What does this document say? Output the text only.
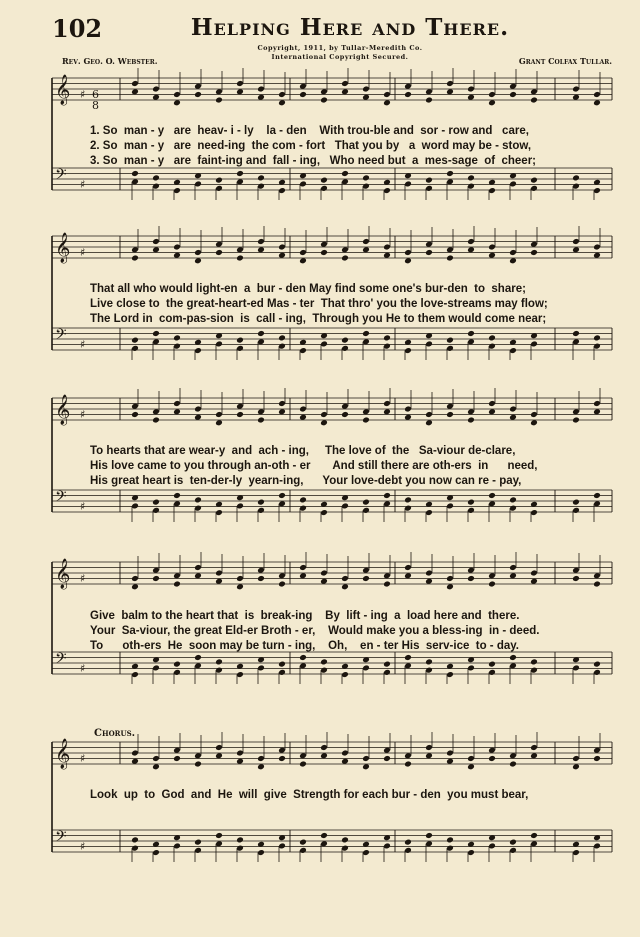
𝄞 ♯
𝄢 ♯
𝄞 ♯
𝄢 ♯
𝄞 ♯
𝄢 ♯
𝄞 ♯
𝄢 ♯
𝄞 ♯
𝄢 ♯
6
8
102	Helping Here and There.
Copyright, 1911, by Tullar-Meredith Co.
International Copyright Secured.
Rev. Geo. O. Webster.	Grant Colfax Tullar.
1. So  man - y   are  heav- i - ly    la - den    With trou-ble and  sor - row and   care,
2. So  man - y   are  need-ing  the com - fort   That you by   a  word may be - stow,
3. So  man - y   are  faint-ing and  fall - ing,   Who need but  a  mes-sage  of  cheer;
That all who would light-en  a  bur - den May find some one's bur-den  to  share;
Live close to  the great-heart-ed Mas - ter  That thro' you the love-streams may flow;
The Lord in  com-pas-sion  is  call - ing,  Through you He to them would come near;
To hearts that are wear-y  and  ach - ing,     The love of  the   Sa-viour de-clare,
His love came to you through an-oth - er       And still there are oth-ers  in      need,
His great heart is  ten-der-ly  yearn-ing,      Your love-debt you now can re - pay,
Give  balm to the heart that  is  break-ing    By  lift - ing  a  load here and  there.
Your  Sa-viour, the great Eld-er Broth - er,    Would make you a bless-ing  in - deed.
To      oth-ers  He  soon may be turn - ing,    Oh,    en - ter His  serv-ice  to - day.
Chorus.
Look  up  to  God  and  He  will  give  Strength for each bur - den  you must bear,
